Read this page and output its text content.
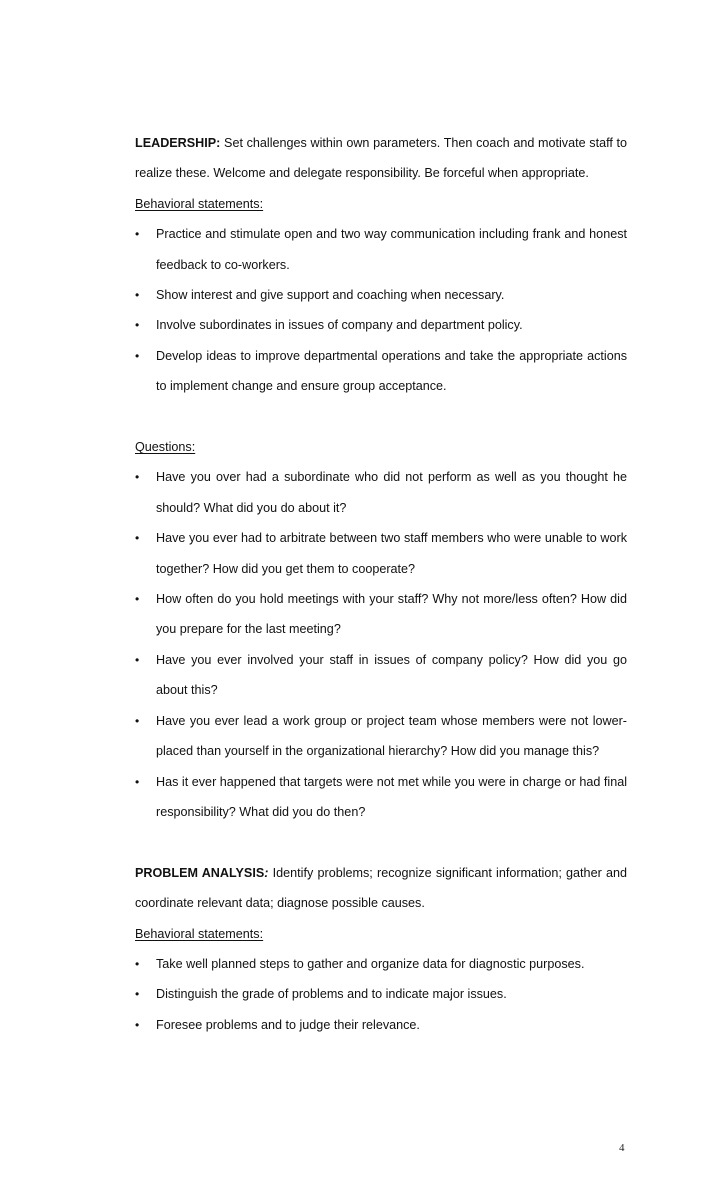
LEADERSHIP: Set challenges within own parameters. Then coach and motivate staff to realize these. Welcome and delegate responsibility. Be forceful when appropriate.

Behavioral statements:

• Practice and stimulate open and two way communication including frank and honest feedback to co-workers.
• Show interest and give support and coaching when necessary.
• Involve subordinates in issues of company and department policy.
• Develop ideas to improve departmental operations and take the appropriate actions to implement change and ensure group acceptance.

Questions:

• Have you over had a subordinate who did not perform as well as you thought he should? What did you do about it?
• Have you ever had to arbitrate between two staff members who were unable to work together? How did you get them to cooperate?
• How often do you hold meetings with your staff? Why not more/less often? How did you prepare for the last meeting?
• Have you ever involved your staff in issues of company policy? How did you go about this?
• Have you ever lead a work group or project team whose members were not lower-placed than yourself in the organizational hierarchy? How did you manage this?
• Has it ever happened that targets were not met while you were in charge or had final responsibility? What did you do then?

PROBLEM ANALYSIS: Identify problems; recognize significant information; gather and coordinate relevant data; diagnose possible causes.

Behavioral statements:

• Take well planned steps to gather and organize data for diagnostic purposes.
• Distinguish the grade of problems and to indicate major issues.
• Foresee problems and to judge their relevance.
4
